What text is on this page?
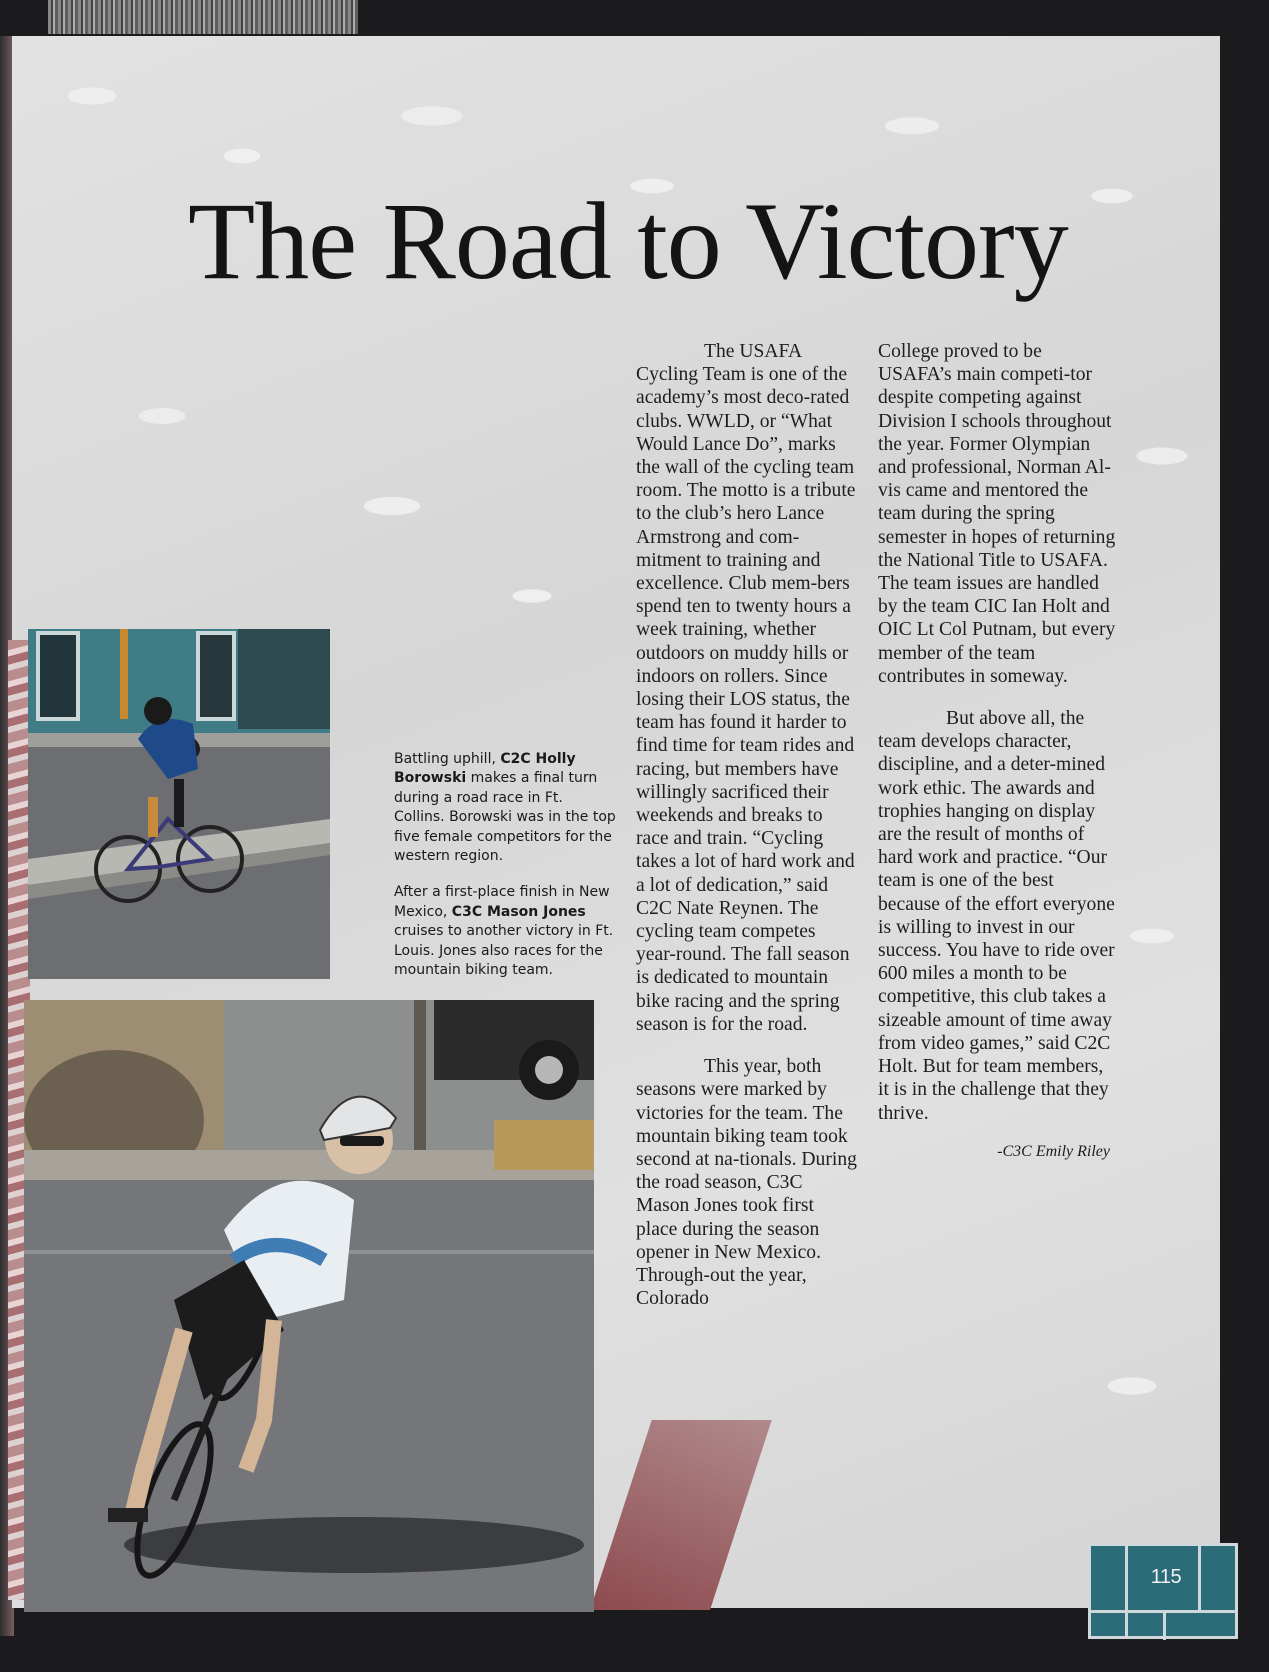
The Road to Victory

Battling uphill, C2C Holly Borowski makes a final turn during a road race in Ft. Collins. Borowski was in the top five female competitors for the western region.

After a first-place finish in New Mexico, C3C Mason Jones cruises to another victory in Ft. Louis. Jones also races for the mountain biking team.

The USAFA Cycling Team is one of the academy’s most deco-rated clubs. WWLD, or “What Would Lance Do”, marks the wall of the cycling team room. The motto is a tribute to the club’s hero Lance Armstrong and com-mitment to training and excellence. Club mem-bers spend ten to twenty hours a week training, whether outdoors on muddy hills or indoors on rollers. Since losing their LOS status, the team has found it harder to find time for team rides and racing, but members have willingly sacrificed their weekends and breaks to race and train. “Cycling takes a lot of hard work and a lot of dedication,” said C2C Nate Reynen. The cycling team competes year-round. The fall season is dedicated to mountain bike racing and the spring season is for the road.

This year, both seasons were marked by victories for the team. The mountain biking team took second at na-tionals. During the road season, C3C Mason Jones took first place during the season opener in New Mexico. Through-out the year, Colorado

College proved to be USAFA’s main competi-tor despite competing against Division I schools throughout the year. Former Olympian and professional, Norman Al-vis came and mentored the team during the spring semester in hopes of returning the National Title to USAFA. The team issues are handled by the team CIC Ian Holt and OIC Lt Col Putnam, but every member of the team contributes in someway.

But above all, the team develops character, discipline, and a deter-mined work ethic. The awards and trophies hanging on display are the result of months of hard work and practice. “Our team is one of the best because of the effort everyone is willing to invest in our success. You have to ride over 600 miles a month to be competitive, this club takes a sizeable amount of time away from video games,” said C2C Holt. But for team members, it is in the challenge that they thrive.

-C3C Emily Riley
115
